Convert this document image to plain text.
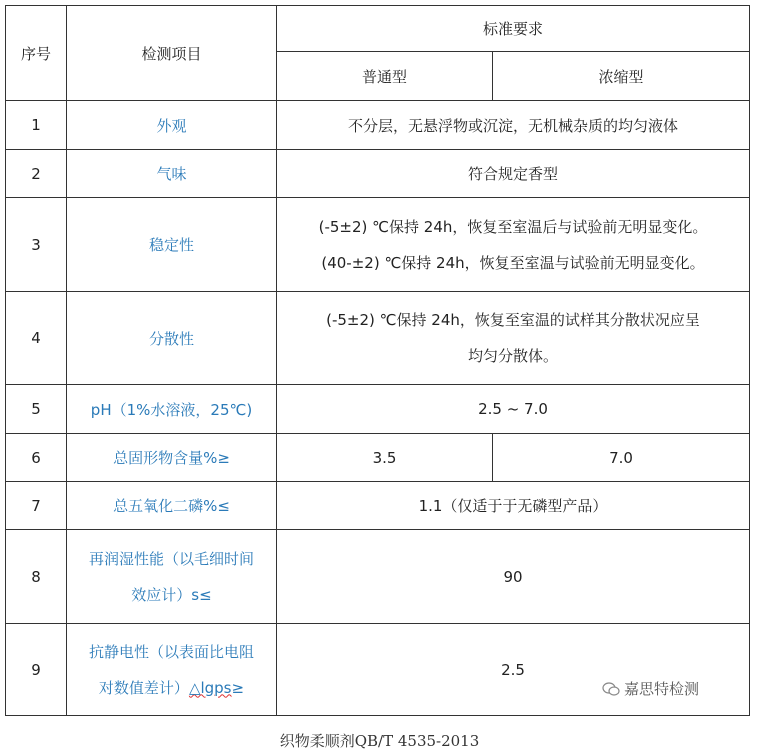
序号	检测项目	标准要求	
		普通型	浓缩型
1	外观	不分层，无悬浮物或沉淀，无机械杂质的均匀液体	
2	气味	符合规定香型	
3	稳定性	(-5±2) ℃保持 24h，恢复至室温后与试验前无明显变化。
(40-±2) ℃保持 24h，恢复至室温与试验前无明显变化。	

4	分散性	(-5±2) ℃保持 24h，恢复至室温的试样其分散状况应呈
均匀分散体。	

5	pH（1%水溶液，25℃)	2.5 ~ 7.0	
6	总固形物含量%≥	3.5	7.0
7	总五氧化二磷%≤	1.1（仅适于于无磷型产品）	
8	再润湿性能（以毛细时间
效应计）s≤	90	
9	抗静电性（以表面比电阻
对数值差计）△lgps≥	2.5	
嘉思特检测
织物柔顺剂QB/T 4535-2013
